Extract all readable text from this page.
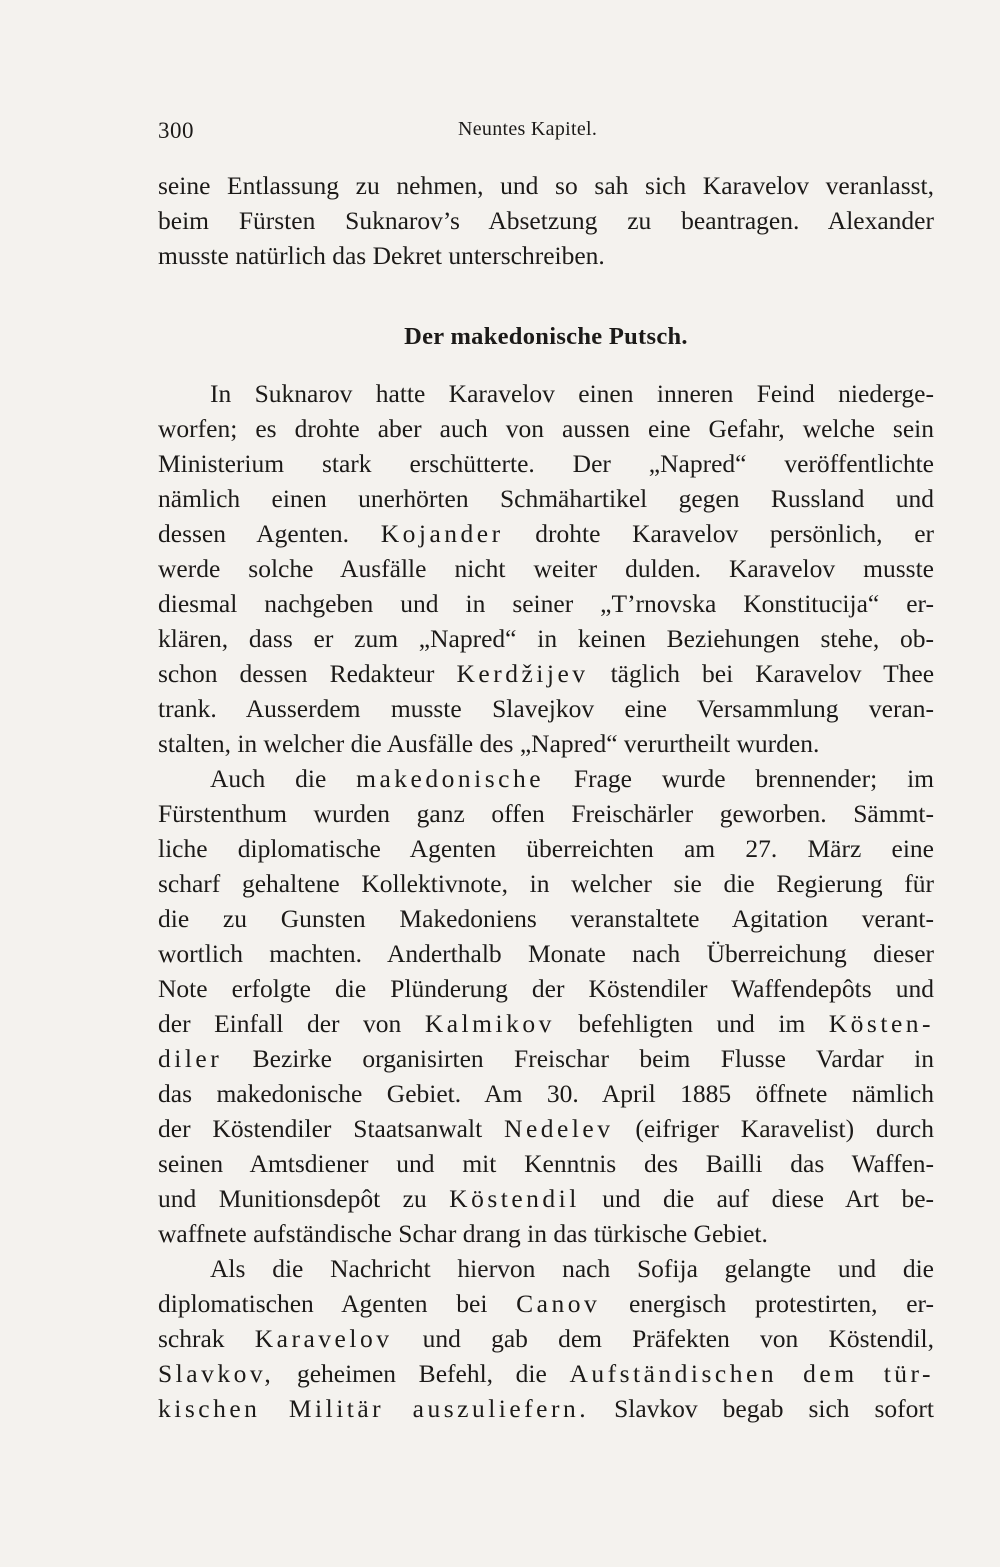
300	Neuntes Kapitel.
seine Entlassung zu nehmen, und so sah sich Karavelov veranlasst,
beim Fürsten Suknarov’s Absetzung zu beantragen. Alexander
musste natürlich das Dekret unterschreiben.
Der makedonische Putsch.
In Suknarov hatte Karavelov einen inneren Feind niederge-
worfen; es drohte aber auch von aussen eine Gefahr, welche sein
Ministerium stark erschütterte. Der „Napred“ veröffentlichte
nämlich einen unerhörten Schmähartikel gegen Russland und
dessen Agenten. Kojander drohte Karavelov persönlich, er
werde solche Ausfälle nicht weiter dulden. Karavelov musste
diesmal nachgeben und in seiner „T’rnovska Konstitucija“ er-
klären, dass er zum „Napred“ in keinen Beziehungen stehe, ob-
schon dessen Redakteur Kerdžijev täglich bei Karavelov Thee
trank. Ausserdem musste Slavejkov eine Versammlung veran-
stalten, in welcher die Ausfälle des „Napred“ verurtheilt wurden.
Auch die makedonische Frage wurde brennender; im
Fürstenthum wurden ganz offen Freischärler geworben. Sämmt-
liche diplomatische Agenten überreichten am 27. März eine
scharf gehaltene Kollektivnote, in welcher sie die Regierung für
die zu Gunsten Makedoniens veranstaltete Agitation verant-
wortlich machten. Anderthalb Monate nach Überreichung dieser
Note erfolgte die Plünderung der Köstendiler Waffendepôts und
der Einfall der von Kalmikov befehligten und im Kösten-
diler Bezirke organisirten Freischar beim Flusse Vardar in
das makedonische Gebiet. Am 30. April 1885 öffnete nämlich
der Köstendiler Staatsanwalt Nedelev (eifriger Karavelist) durch
seinen Amtsdiener und mit Kenntnis des Bailli das Waffen-
und Munitionsdepôt zu Köstendil und die auf diese Art be-
waffnete aufständische Schar drang in das türkische Gebiet.
Als die Nachricht hiervon nach Sofija gelangte und die
diplomatischen Agenten bei Canov energisch protestirten, er-
schrak Karavelov und gab dem Präfekten von Köstendil,
Slavkov, geheimen Befehl, die Aufständischen dem tür-
kischen Militär auszuliefern. Slavkov begab sich sofort
